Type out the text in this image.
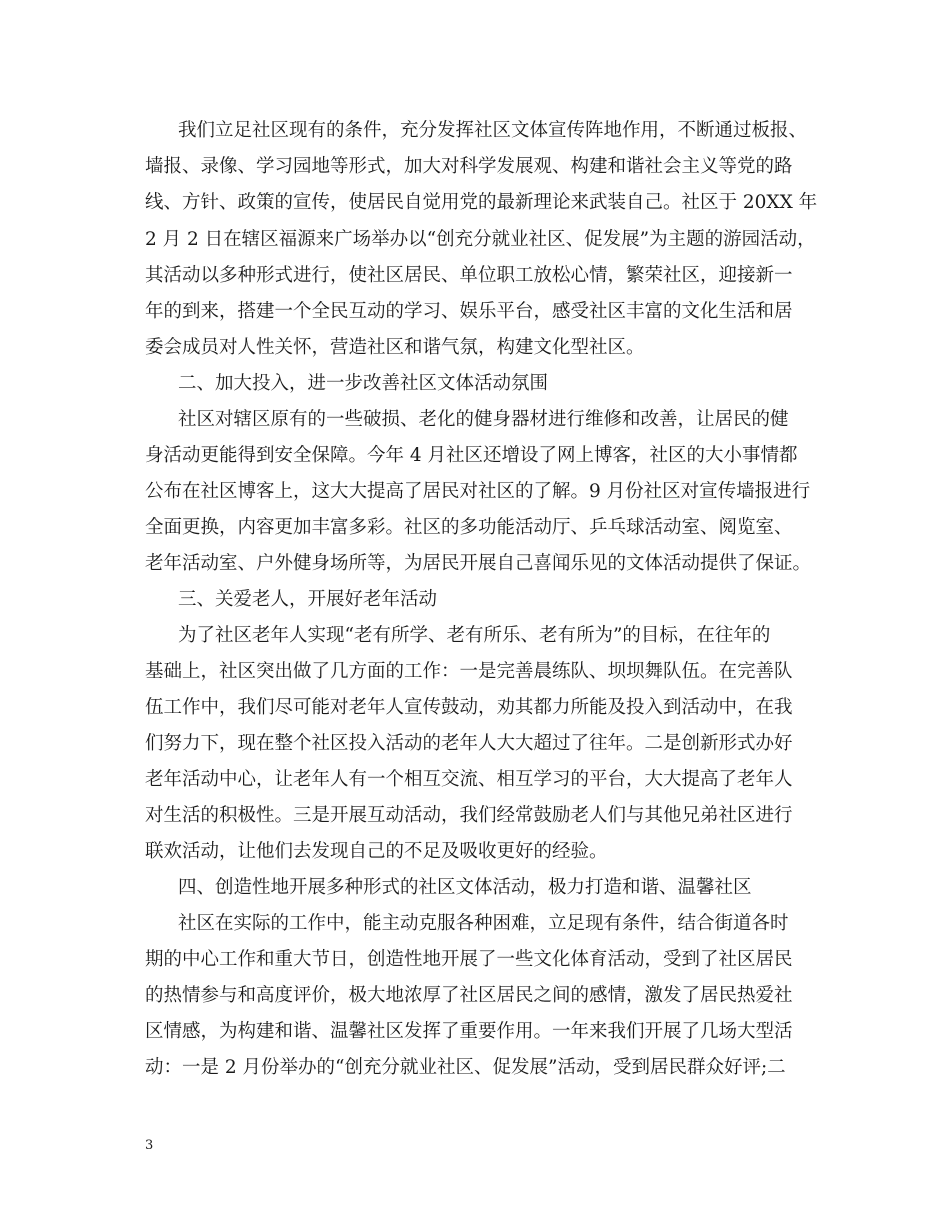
我们立足社区现有的条件，充分发挥社区文体宣传阵地作用，不断通过板报、
墙报、录像、学习园地等形式，加大对科学发展观、构建和谐社会主义等党的路
线、方针、政策的宣传，使居民自觉用党的最新理论来武装自己。社区于 20XX 年
2 月 2 日在辖区福源来广场举办以“创充分就业社区、促发展”为主题的游园活动，
其活动以多种形式进行，使社区居民、单位职工放松心情，繁荣社区，迎接新一
年的到来，搭建一个全民互动的学习、娱乐平台，感受社区丰富的文化生活和居
委会成员对人性关怀，营造社区和谐气氛，构建文化型社区。
二、加大投入，进一步改善社区文体活动氛围
社区对辖区原有的一些破损、老化的健身器材进行维修和改善，让居民的健
身活动更能得到安全保障。今年 4 月社区还增设了网上博客，社区的大小事情都
公布在社区博客上，这大大提高了居民对社区的了解。9 月份社区对宣传墙报进行
全面更换，内容更加丰富多彩。社区的多功能活动厅、乒乓球活动室、阅览室、
老年活动室、户外健身场所等，为居民开展自己喜闻乐见的文体活动提供了保证。
三、关爱老人，开展好老年活动
为了社区老年人实现“老有所学、老有所乐、老有所为”的目标，在往年的
基础上，社区突出做了几方面的工作：一是完善晨练队、坝坝舞队伍。在完善队
伍工作中，我们尽可能对老年人宣传鼓动，劝其都力所能及投入到活动中，在我
们努力下，现在整个社区投入活动的老年人大大超过了往年。二是创新形式办好
老年活动中心，让老年人有一个相互交流、相互学习的平台，大大提高了老年人
对生活的积极性。三是开展互动活动，我们经常鼓励老人们与其他兄弟社区进行
联欢活动，让他们去发现自己的不足及吸收更好的经验。
四、创造性地开展多种形式的社区文体活动，极力打造和谐、温馨社区
社区在实际的工作中，能主动克服各种困难，立足现有条件，结合街道各时
期的中心工作和重大节日，创造性地开展了一些文化体育活动，受到了社区居民
的热情参与和高度评价，极大地浓厚了社区居民之间的感情，激发了居民热爱社
区情感，为构建和谐、温馨社区发挥了重要作用。一年来我们开展了几场大型活
动：一是 2 月份举办的“创充分就业社区、促发展”活动，受到居民群众好评;二
3
